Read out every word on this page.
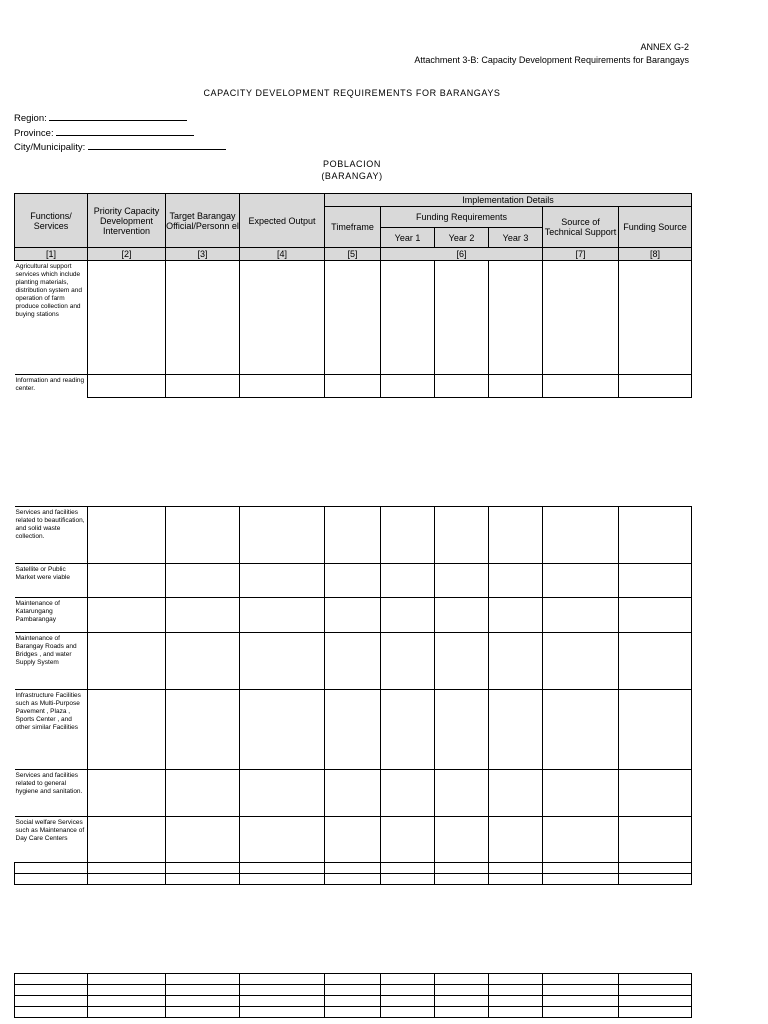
ANNEX G-2
Attachment 3-B: Capacity Development Requirements for Barangays
CAPACITY DEVELOPMENT REQUIREMENTS FOR BARANGAYS
Region:
Province:
City/Municipality:
POBLACION
(BARANGAY)
Functions/ Services	Priority Capacity Development Intervention	Target Barangay Official/Personn el	Expected Output	Implementation Details					
				Timeframe	Funding Requirements			Source of Technical Support	Funding Source
					Year 1	Year 2	Year 3		
[1]	[2]	[3]	[4]	[5]	[6]			[7]	[8]
Agricultural support services which include planting materials, distribution system and operation of farm produce collection and buying stations									
Information and reading center.									
Services and facilities related to beautification, and solid waste collection.									
Satellite or Public Market were viable									
Maintenance of Katarungang Pambarangay									
Maintenance of Barangay Roads and Bridges , and water Supply System									
Infrastructure Facilities such as Multi-Purpose Pavement , Plaza , Sports Center , and other similar Facilities									
Services and facilities related to general hygiene and sanitation.									
Social welfare Services such as Maintenance of Day Care Centers									
